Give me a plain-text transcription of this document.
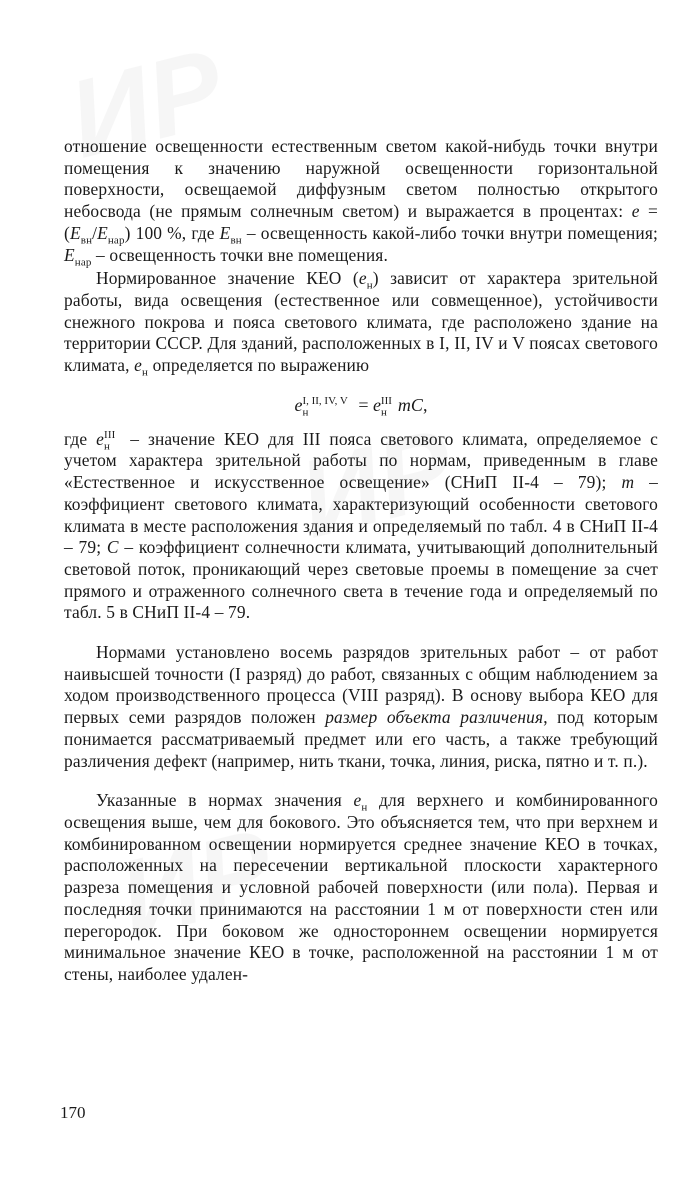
отношение освещенности естественным светом какой-нибудь точки внутри помещения к значению наружной освещенности горизонтальной поверхности, освещаемой диффузным светом полностью открытого небосвода (не прямым солнечным светом) и выражается в процентах: $e = (E_{вн}/E_{нар})$ 100 %, где $E_{вн}$ – освещенность какой-либо точки внутри помещения; $E_{нар}$ – освещенность точки вне помещения.

Нормированное значение КЕО $(e_н)$ зависит от характера зрительной работы, вида освещения (естественное или совмещенное), устойчивости снежного покрова и пояса светового климата, где расположено здание на территории СССР. Для зданий, расположенных в I, II, IV и V поясах светового климата, $e_н$ определяется по выражению

$e_н^{I, II, IV, V} = e_н^{III}$ mC,

где $e_н^{III}$ – значение КЕО для III пояса светового климата, определяемое с учетом характера зрительной работы по нормам, приведенным в главе «Естественное и искусственное освещение» (СНиП II-4 – 79); m – коэффициент светового климата, характеризующий особенности светового климата в месте расположения здания и определяемый по табл. 4 в СНиП II-4 – 79; С – коэффициент солнечности климата, учитывающий дополнительный световой поток, проникающий через световые проемы в помещение за счет прямого и отраженного солнечного света в течение года и определяемый по табл. 5 в СНиП II-4 – 79.

Нормами установлено восемь разрядов зрительных работ – от работ наивысшей точности (I разряд) до работ, связанных с общим наблюдением за ходом производственного процесса (VIII разряд). В основу выбора КЕО для первых семи разрядов положен размер объекта различения, под которым понимается рассматриваемый предмет или его часть, а также требующий различения дефект (например, нить ткани, точка, линия, риска, пятно и т. п.).

Указанные в нормах значения $e_н$ для верхнего и комбинированного освещения выше, чем для бокового. Это объясняется тем, что при верхнем и комбинированном освещении нормируется среднее значение КЕО в точках, расположенных на пересечении вертикальной плоскости характерного разреза помещения и условной рабочей поверхности (или пола). Первая и последняя точки принимаются на расстоянии 1 м от поверхности стен или перегородок. При боковом же одностороннем освещении нормируется минимальное значение КЕО в точке, расположенной на расстоянии 1 м от стены, наиболее удален-

170
